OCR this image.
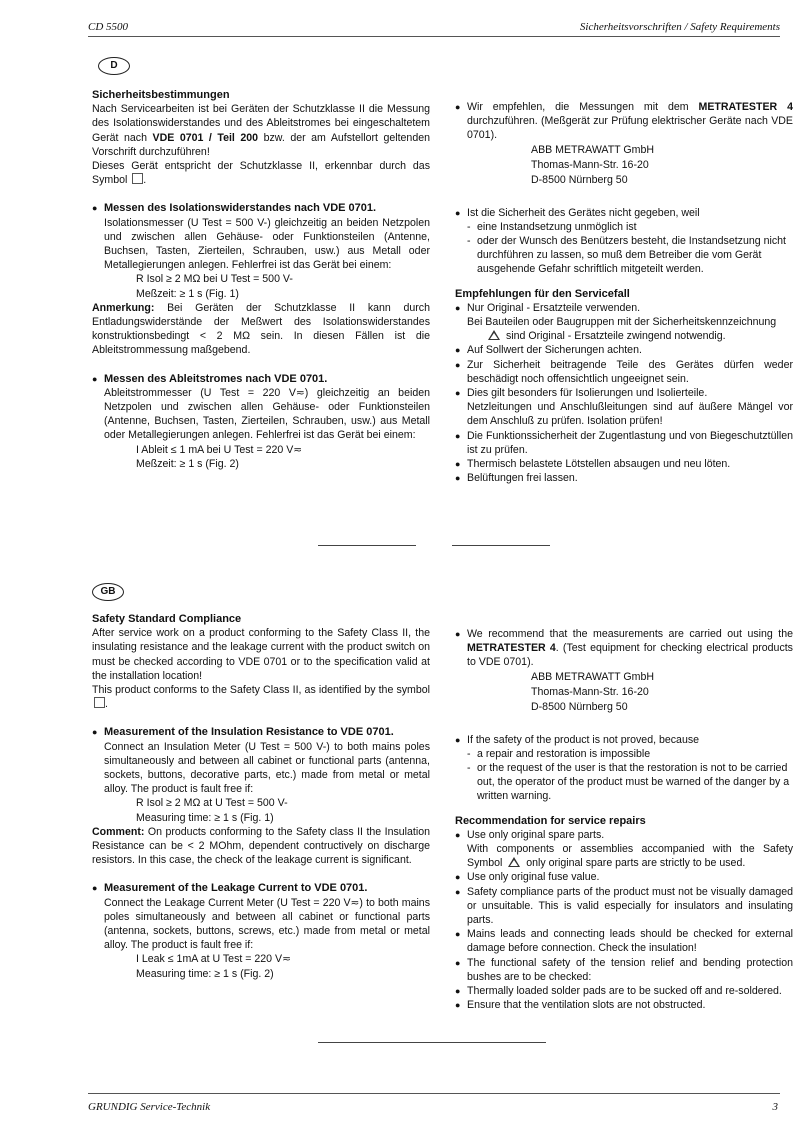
CD 5500	Sicherheitsvorschriften / Safety Requirements
D

Sicherheitsbestimmungen

Nach Servicearbeiten ist bei Geräten der Schutzklasse II die Messung des Isolationswiderstandes und des Ableitstromes bei eingeschaltetem Gerät nach VDE 0701 / Teil 200 bzw. der am Aufstellort geltenden Vorschrift durchzuführen!

Dieses Gerät entspricht der Schutzklasse II, erkennbar durch das Symbol .

● Messen des Isolationswiderstandes nach VDE 0701.

Isolationsmesser (U Test = 500 V-) gleichzeitig an beiden Netzpolen und zwischen allen Gehäuse- oder Funktionsteilen (Antenne, Buchsen, Tasten, Zierteilen, Schrauben, usw.) aus Metall oder Metallegierungen anlegen. Fehlerfrei ist das Gerät bei einem:

R Isol ≥ 2 MΩ bei U Test = 500 V-

Meßzeit: ≥ 1 s (Fig. 1)

Anmerkung: Bei Geräten der Schutzklasse II kann durch Entladungswiderstände der Meßwert des Isolationswiderstandes konstruktionsbedingt < 2 MΩ sein. In diesen Fällen ist die Ableitstrommessung maßgebend.

● Messen des Ableitstromes nach VDE 0701.

Ableitstrommesser (U Test = 220 V≂) gleichzeitig an beiden Netzpolen und zwischen allen Gehäuse- oder Funktionsteilen (Antenne, Buchsen, Tasten, Zierteilen, Schrauben, usw.) aus Metall oder Metallegierungen anlegen. Fehlerfrei ist das Gerät bei einem:

I Ableit ≤ 1 mA bei U Test = 220 V≂

Meßzeit: ≥ 1 s (Fig. 2)

● Wir empfehlen, die Messungen mit dem METRATESTER 4 durchzuführen. (Meßgerät zur Prüfung elektrischer Geräte nach VDE 0701).

ABB METRAWATT GmbH

Thomas-Mann-Str. 16-20

D-8500 Nürnberg 50

● Ist die Sicherheit des Gerätes nicht gegeben, weil

- eine Instandsetzung unmöglich ist

- oder der Wunsch des Benützers besteht, die Instandsetzung nicht durchführen zu lassen, so muß dem Betreiber die vom Gerät ausgehende Gefahr schriftlich mitgeteilt werden.

Empfehlungen für den Servicefall

● Nur Original - Ersatzteile verwenden.

Bei Bauteilen oder Baugruppen mit der Sicherheitskennzeichnung

sind Original - Ersatzteile zwingend notwendig.

● Auf Sollwert der Sicherungen achten.

● Zur Sicherheit beitragende Teile des Gerätes dürfen weder beschädigt noch offensichtlich ungeeignet sein.

● Dies gilt besonders für Isolierungen und Isolierteile.

Netzleitungen und Anschlußleitungen sind auf äußere Mängel vor dem Anschluß zu prüfen. Isolation prüfen!

● Die Funktionssicherheit der Zugentlastung und von Biegeschutztüllen ist zu prüfen.

● Thermisch belastete Lötstellen absaugen und neu löten.

● Belüftungen frei lassen.

GB

Safety Standard Compliance

After service work on a product conforming to the Safety Class II, the insulating resistance and the leakage current with the product switch on must be checked according to VDE 0701 or to the specification valid at the installation location!

This product conforms to the Safety Class II, as identified by the symbol .

● Measurement of the Insulation Resistance to VDE 0701.

Connect an Insulation Meter (U Test = 500 V-) to both mains poles simultaneously and between all cabinet or functional parts (antenna, sockets, buttons, decorative parts, etc.) made from metal or metal alloy. The product is fault free if:

R Isol ≥ 2 MΩ at U Test = 500 V-

Measuring time: ≥ 1 s (Fig. 1)

Comment: On products conforming to the Safety class II the Insulation Resistance can be < 2 MOhm, dependent contructively on discharge resistors. In this case, the check of the leakage current is significant.

● Measurement of the Leakage Current to VDE 0701.

Connect the Leakage Current Meter (U Test = 220 V≂) to both mains poles simultaneously and between all cabinet or functional parts (antenna, sockets, buttons, screws, etc.) made from metal or metal alloy. The product is fault free if:

I Leak ≤ 1mA at U Test = 220 V≂

Measuring time: ≥ 1 s (Fig. 2)

● We recommend that the measurements are carried out using the METRATESTER 4. (Test equipment for checking electrical products to VDE 0701).

ABB METRAWATT GmbH

Thomas-Mann-Str. 16-20

D-8500 Nürnberg 50

● If the safety of the product is not proved, because

- a repair and restoration is impossible

- or the request of the user is that the restoration is not to be carried out, the operator of the product must be warned of the danger by a written warning.

Recommendation for service repairs

● Use only original spare parts.

With components or assemblies accompanied with the Safety Symbol only original spare parts are strictly to be used.

● Use only original fuse value.

● Safety compliance parts of the product must not be visually damaged or unsuitable. This is valid especially for insulators and insulating parts.

● Mains leads and connecting leads should be checked for external damage before connection. Check the insulation!

● The functional safety of the tension relief and bending protection bushes are to be checked:

● Thermally loaded solder pads are to be sucked off and re-soldered.

● Ensure that the ventilation slots are not obstructed.

GRUNDIG Service-Technik	3
